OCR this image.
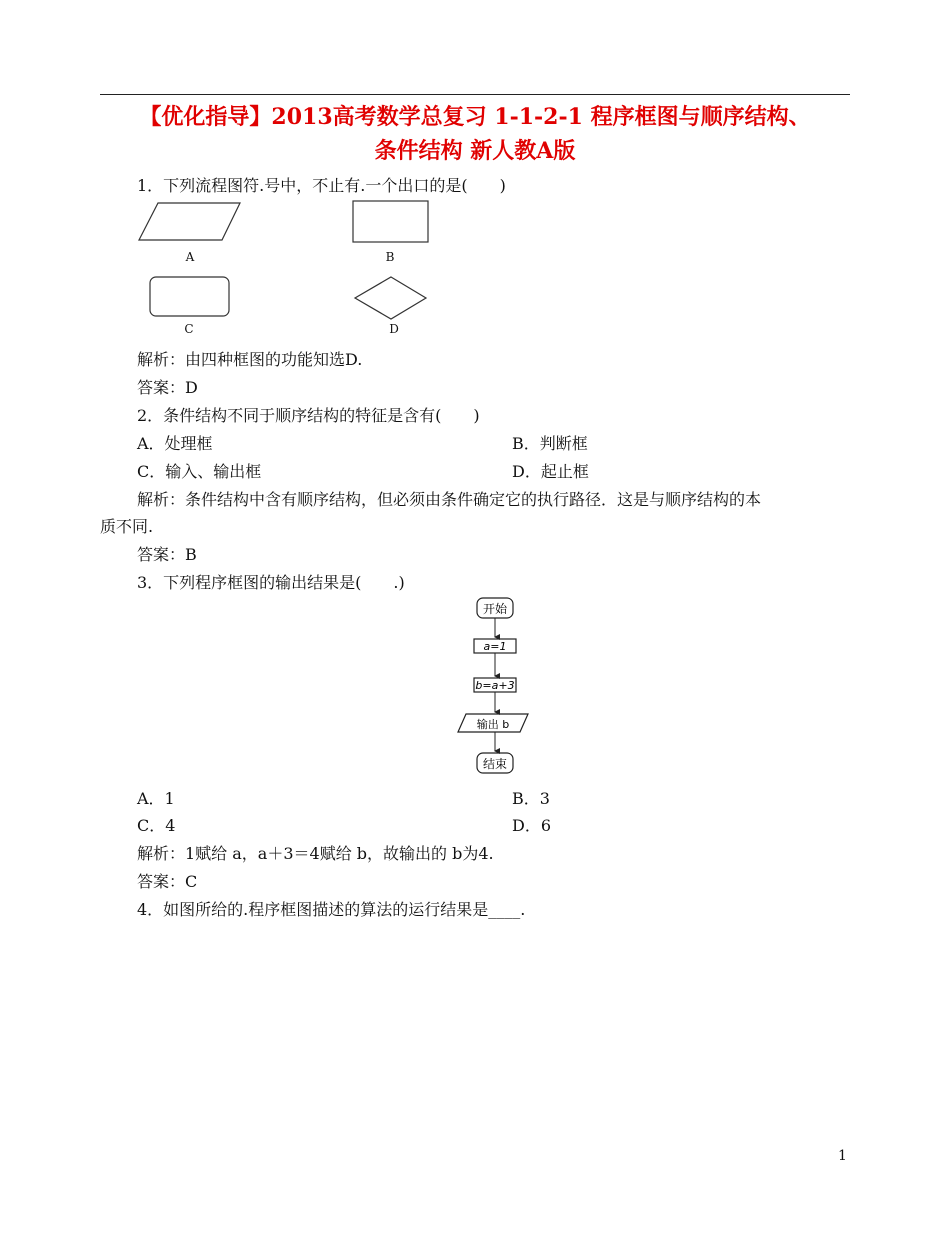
【优化指导】2013高考数学总复习 1-1-2-1 程序框图与顺序结构、
条件结构 新人教A版
1．下列流程图符.号中，不止有.一个出口的是(　　)
A	B
C	D
解析：由四种框图的功能知选D.
答案：D
2．条件结构不同于顺序结构的特征是含有(　　)
A．处理框	B．判断框
C．输入、输出框	D．起止框
解析：条件结构中含有顺序结构，但必须由条件确定它的执行路径．这是与顺序结构的本
质不同.
答案：B
3．下列程序框图的输出结果是(　　.)
开始
a=1
b=a+3
输出 b
结束
A．1	B．3
C．4	D．6
解析：1赋给 a，a＋3＝4赋给 b，故输出的 b为4.
答案：C
4．如图所给的.程序框图描述的算法的运行结果是____.
1
